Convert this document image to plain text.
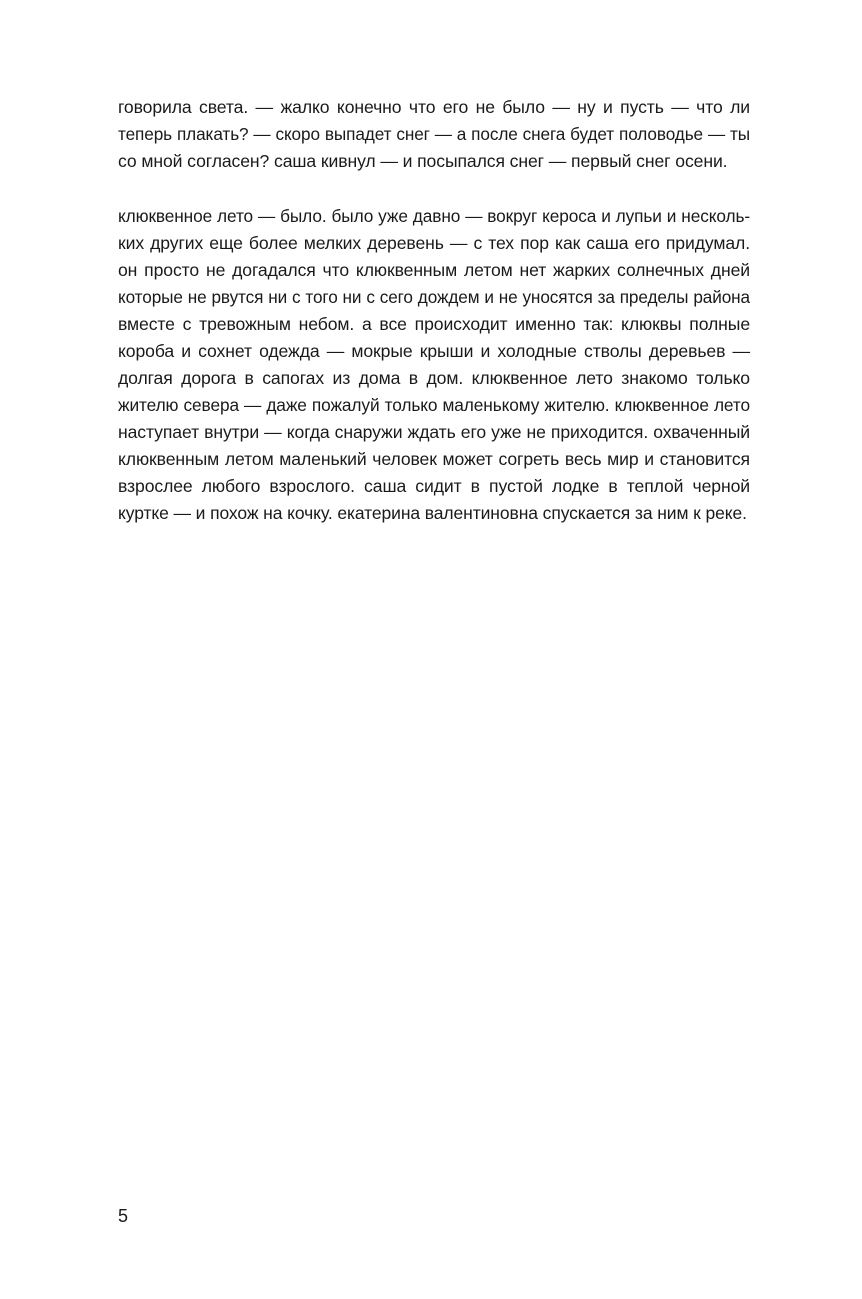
говорила света. — жалко конечно что его не было — ну и пусть — что ли
теперь плакать? — скоро выпадет снег — а после снега будет половодье — ты
со мной согласен? саша кивнул — и посыпался снег — первый снег осени.
клюквенное лето — было. было уже давно — вокруг кероса и лупьи и несколь-
ких других еще более мелких деревень — с тех пор как саша его придумал.
он просто не догадался что клюквенным летом нет жарких солнечных дней
которые не рвутся ни с того ни с сего дождем и не уносятся за пределы района
вместе с тревожным небом. а все происходит именно так: клюквы полные
короба и сохнет одежда — мокрые крыши и холодные стволы деревьев —
долгая дорога в сапогах из дома в дом. клюквенное лето знакомо только
жителю севера — даже пожалуй только маленькому жителю. клюквенное лето
наступает внутри — когда снаружи ждать его уже не приходится. охваченный
клюквенным летом маленький человек может согреть весь мир и становится
взрослее любого взрослого. саша сидит в пустой лодке в теплой черной
куртке — и похож на кочку. екатерина валентиновна спускается за ним к реке.
5
